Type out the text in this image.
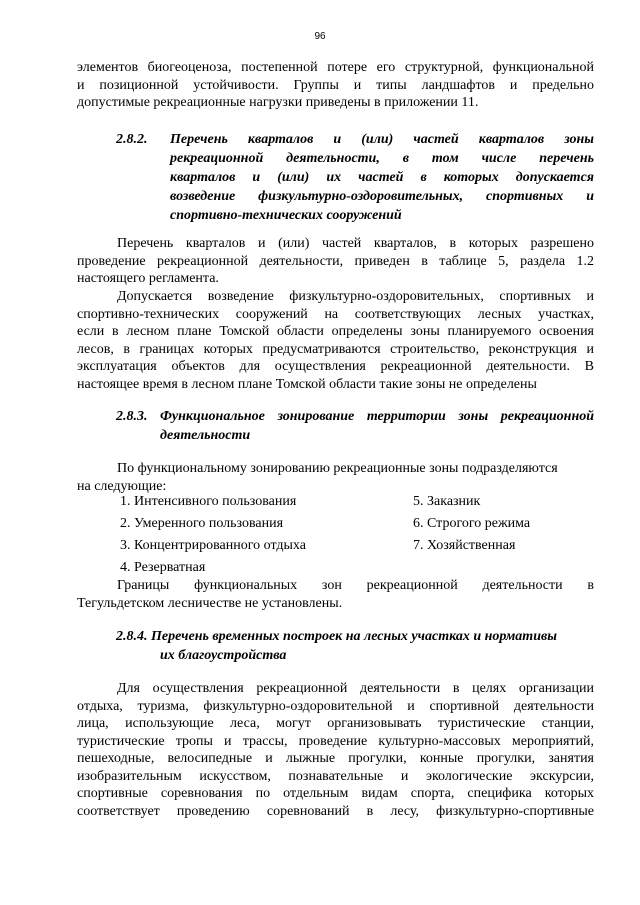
96
элементов биогеоценоза, постепенной потере его структурной, функциональной
и позиционной устойчивости. Группы и типы ландшафтов и предельно
допустимые рекреационные нагрузки приведены в приложении 11.
2.8.2. Перечень кварталов и (или) частей кварталов зоны
рекреационной деятельности, в том числе перечень
кварталов и (или) их частей в которых допускается
возведение физкультурно-оздоровительных, спортивных и
спортивно-технических сооружений
Перечень кварталов и (или) частей кварталов, в которых разрешено
проведение рекреационной деятельности, приведен в таблице 5, раздела 1.2
настоящего регламента.
Допускается возведение физкультурно-оздоровительных, спортивных и
спортивно-технических сооружений на соответствующих лесных участках,
если в лесном плане Томской области определены зоны планируемого освоения
лесов, в границах которых предусматриваются строительство, реконструкция и
эксплуатация объектов для осуществления рекреационной деятельности. В
настоящее время в лесном плане Томской области такие зоны не определены
2.8.3. Функциональное зонирование территории зоны рекреационной
деятельности
По функциональному зонированию рекреационные зоны подразделяются
на следующие:
1. Интенсивного пользования	5. Заказник
2. Умеренного пользования	6. Строгого режима
3. Концентрированного отдыха	7. Хозяйственная
4. Резерватная
Границы функциональных зон рекреационной деятельности в
Тегульдетском лесничестве не установлены.
2.8.4. Перечень временных построек на лесных участках и нормативы
их благоустройства
Для осуществления рекреационной деятельности в целях организации
отдыха, туризма, физкультурно-оздоровительной и спортивной деятельности
лица, использующие леса, могут организовывать туристические станции,
туристические тропы и трассы, проведение культурно-массовых мероприятий,
пешеходные, велосипедные и лыжные прогулки, конные прогулки, занятия
изобразительным искусством, познавательные и экологические экскурсии,
спортивные соревнования по отдельным видам спорта, специфика которых
соответствует проведению соревнований в лесу, физкультурно-спортивные
